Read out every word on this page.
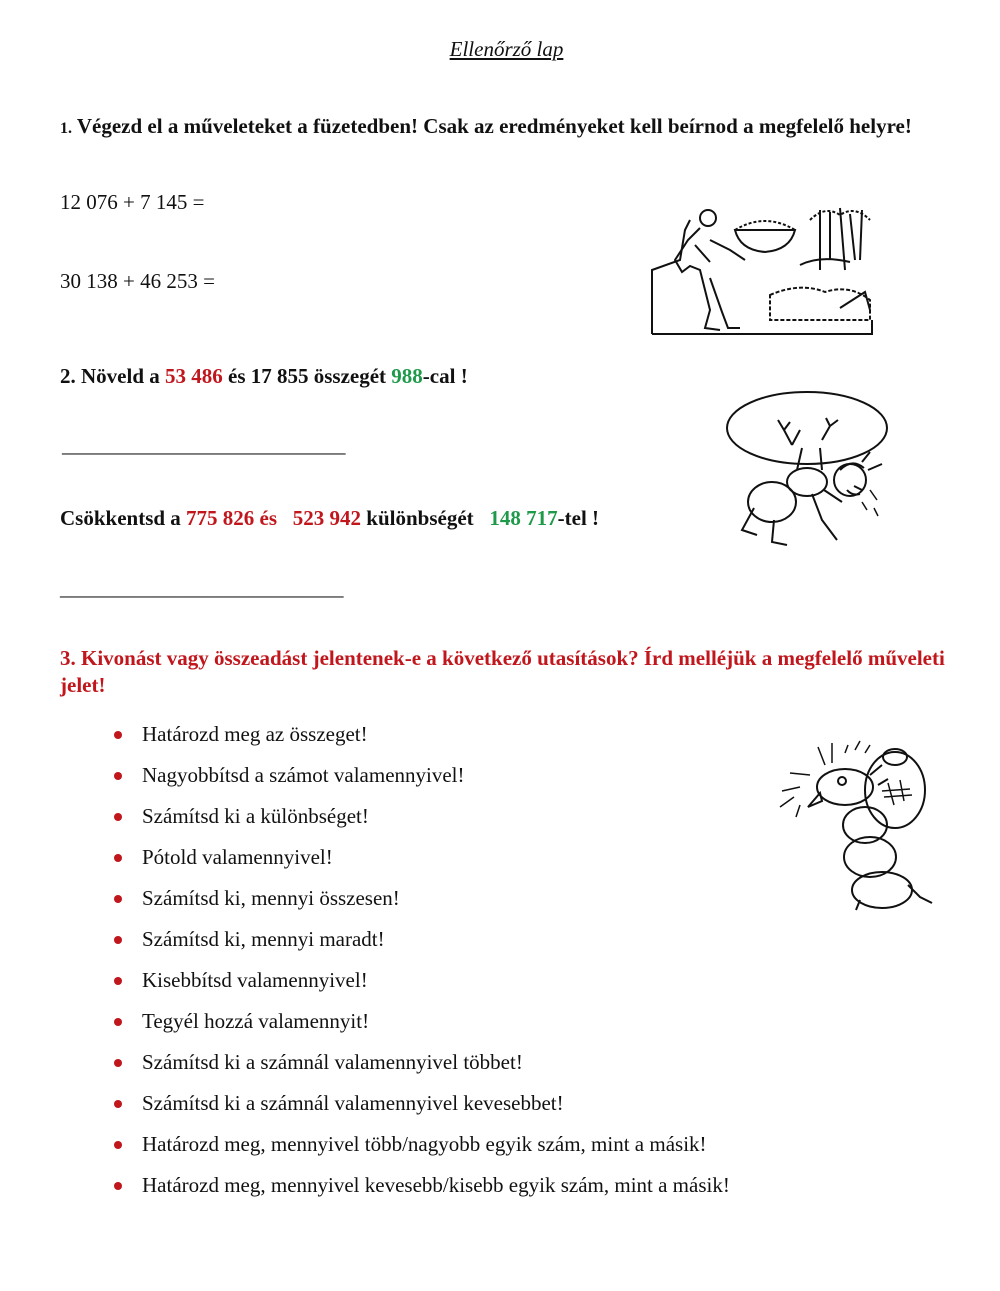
Ellenőrző lap
1. Végezd el a műveleteket a füzetedben! Csak az eredményeket kell beírnod a megfelelő helyre!
12 076 + 7 145 =
30 138 + 46 253 =
2. Növeld a 53 486 és 17 855 összegét 988-cal !
___________________________
Csökkentsd a 775 826 és 523 942 különbségét   148 717-tel !
___________________________
3. Kivonást vagy összeadást jelentenek-e a következő utasítások? Írd melléjük a megfelelő műveleti jelet!
Határozd meg az összeget!
Nagyobbítsd a számot valamennyivel!
Számítsd ki a különbséget!
Pótold valamennyivel!
Számítsd ki, mennyi összesen!
Számítsd ki, mennyi maradt!
Kisebbítsd valamennyivel!
Tegyél hozzá valamennyit!
Számítsd ki a számnál valamennyivel többet!
Számítsd ki a számnál valamennyivel kevesebbet!
Határozd meg, mennyivel több/nagyobb egyik szám, mint a másik!
Határozd meg, mennyivel kevesebb/kisebb egyik szám, mint a másik!
